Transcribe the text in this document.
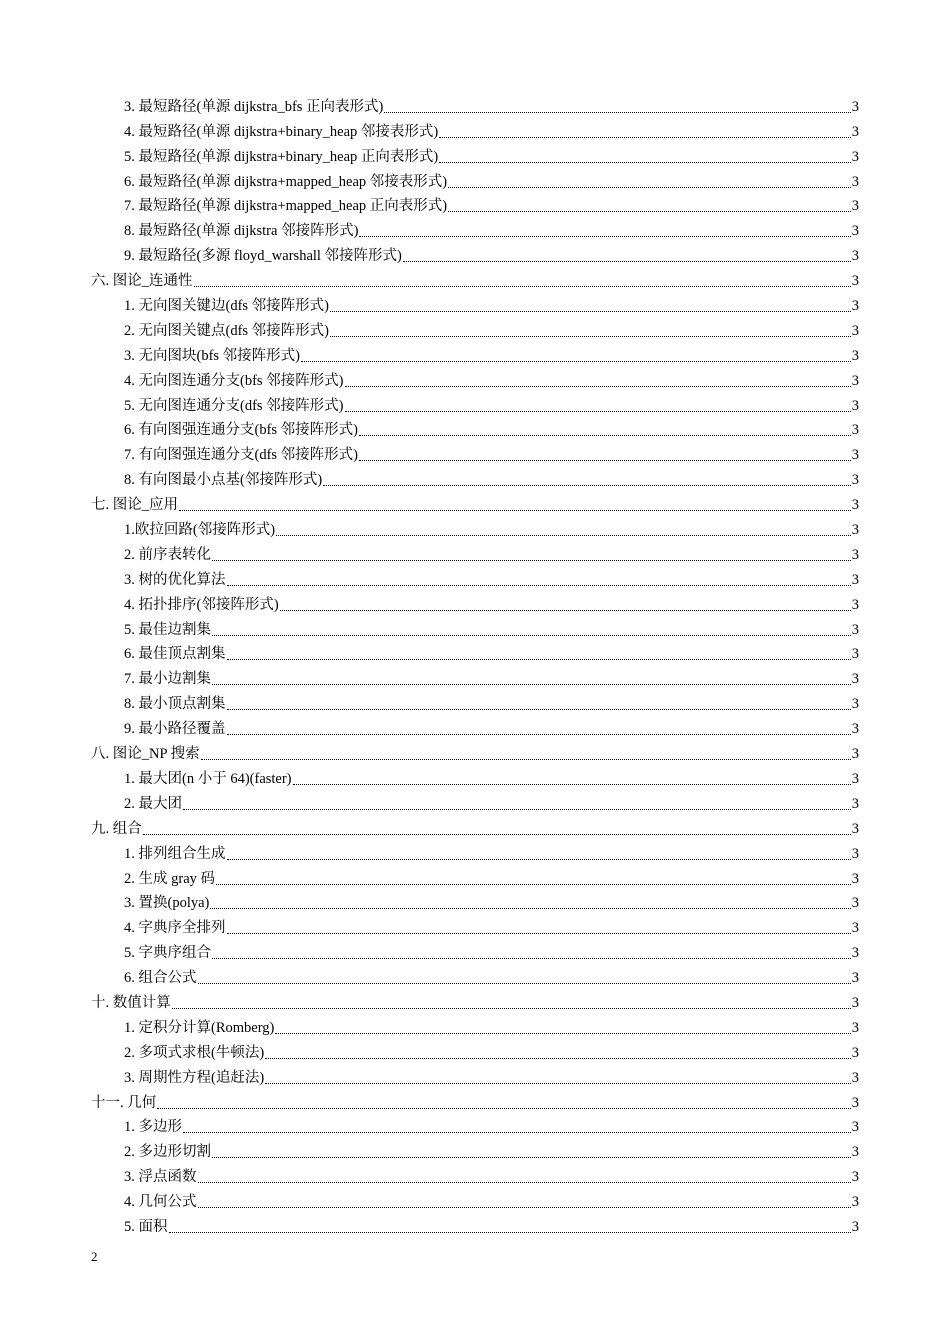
3. 最短路径(单源 dijkstra_bfs 正向表形式)	3
4. 最短路径(单源 dijkstra+binary_heap 邻接表形式)	3
5. 最短路径(单源 dijkstra+binary_heap 正向表形式)	3
6. 最短路径(单源 dijkstra+mapped_heap 邻接表形式)	3
7. 最短路径(单源 dijkstra+mapped_heap 正向表形式)	3
8. 最短路径(单源 dijkstra 邻接阵形式)	3
9. 最短路径(多源 floyd_warshall 邻接阵形式)	3
六. 图论_连通性	3
1. 无向图关键边(dfs 邻接阵形式)	3
2. 无向图关键点(dfs 邻接阵形式)	3
3. 无向图块(bfs 邻接阵形式)	3
4. 无向图连通分支(bfs 邻接阵形式)	3
5. 无向图连通分支(dfs 邻接阵形式)	3
6. 有向图强连通分支(bfs 邻接阵形式)	3
7. 有向图强连通分支(dfs 邻接阵形式)	3
8. 有向图最小点基(邻接阵形式)	3
七. 图论_应用	3
1.欧拉回路(邻接阵形式)	3
2. 前序表转化	3
3. 树的优化算法	3
4. 拓扑排序(邻接阵形式)	3
5. 最佳边割集	3
6. 最佳顶点割集	3
7. 最小边割集	3
8. 最小顶点割集	3
9. 最小路径覆盖	3
八. 图论_NP 搜索	3
1. 最大团(n 小于 64)(faster)	3
2. 最大团	3
九. 组合	3
1. 排列组合生成	3
2. 生成 gray 码	3
3. 置换(polya)	3
4. 字典序全排列	3
5. 字典序组合	3
6. 组合公式	3
十. 数值计算	3
1. 定积分计算(Romberg)	3
2. 多项式求根(牛顿法)	3
3. 周期性方程(追赶法)	3
十一. 几何	3
1. 多边形	3
2. 多边形切割	3
3. 浮点函数	3
4. 几何公式	3
5. 面积	3
2
